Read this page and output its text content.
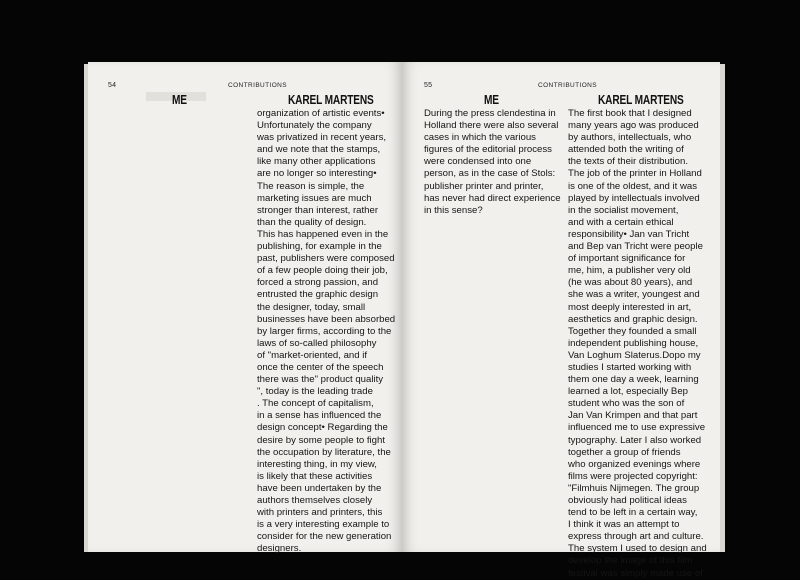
54	CONTRIBUTIONS
ME	KAREL MARTENS
organization of artistic events•
Unfortunately the company
was privatized in recent years,
and we note that the stamps,
like many other applications
are no longer so interesting•
The reason is simple, the
marketing issues are much
stronger than interest, rather
than the quality of design.
This has happened even in the
publishing, for example in the
past, publishers were composed
of a few people doing their job,
forced a strong passion, and
entrusted the graphic design
the designer, today, small
businesses have been absorbed
by larger firms, according to the
laws of so-called philosophy
of "market-oriented, and if
once the center of the speech
there was the" product quality
", today is the leading trade
. The concept of capitalism,
in a sense has influenced the
design concept• Regarding the
desire by some people to fight
the occupation by literature, the
interesting thing, in my view,
is likely that these activities
have been undertaken by the
authors themselves closely
with printers and printers, this
is a very interesting example to
consider for the new generation
designers.
55	CONTRIBUTIONS
ME	KAREL MARTENS
During the press clendestina in
Holland there were also several
cases in which the various
figures of the editorial process
were condensed into one
person, as in the case of Stols:
publisher printer and printer,
has never had direct experience
in this sense?
The first book that I designed
many years ago was produced
by authors, intellectuals, who
attended both the writing of
the texts of their distribution.
The job of the printer in Holland
is one of the oldest, and it was
played by intellectuals involved
in the socialist movement,
and with a certain ethical
responsibility• Jan van Tricht
and Bep van Tricht were people
of important significance for
me, him, a publisher very old
(he was about 80 years), and
she was a writer, youngest and
most deeply interested in art,
aesthetics and graphic design.
Together they founded a small
independent publishing house,
Van Loghum Slaterus.Dopo my
studies I started working with
them one day a week, learning
learned a lot, especially Bep
student who was the son of
Jan Van Krimpen and that part
influenced me to use expressive
typography. Later I also worked
together a group of friends
who organized evenings where
films were projected copyright:
"Filmhuis Nijmegen. The group
obviously had political ideas
tend to be left in a certain way,
I think it was an attempt to
express through art and culture.
The system I used to design and
develop the image of this film
festival was simply made use of
